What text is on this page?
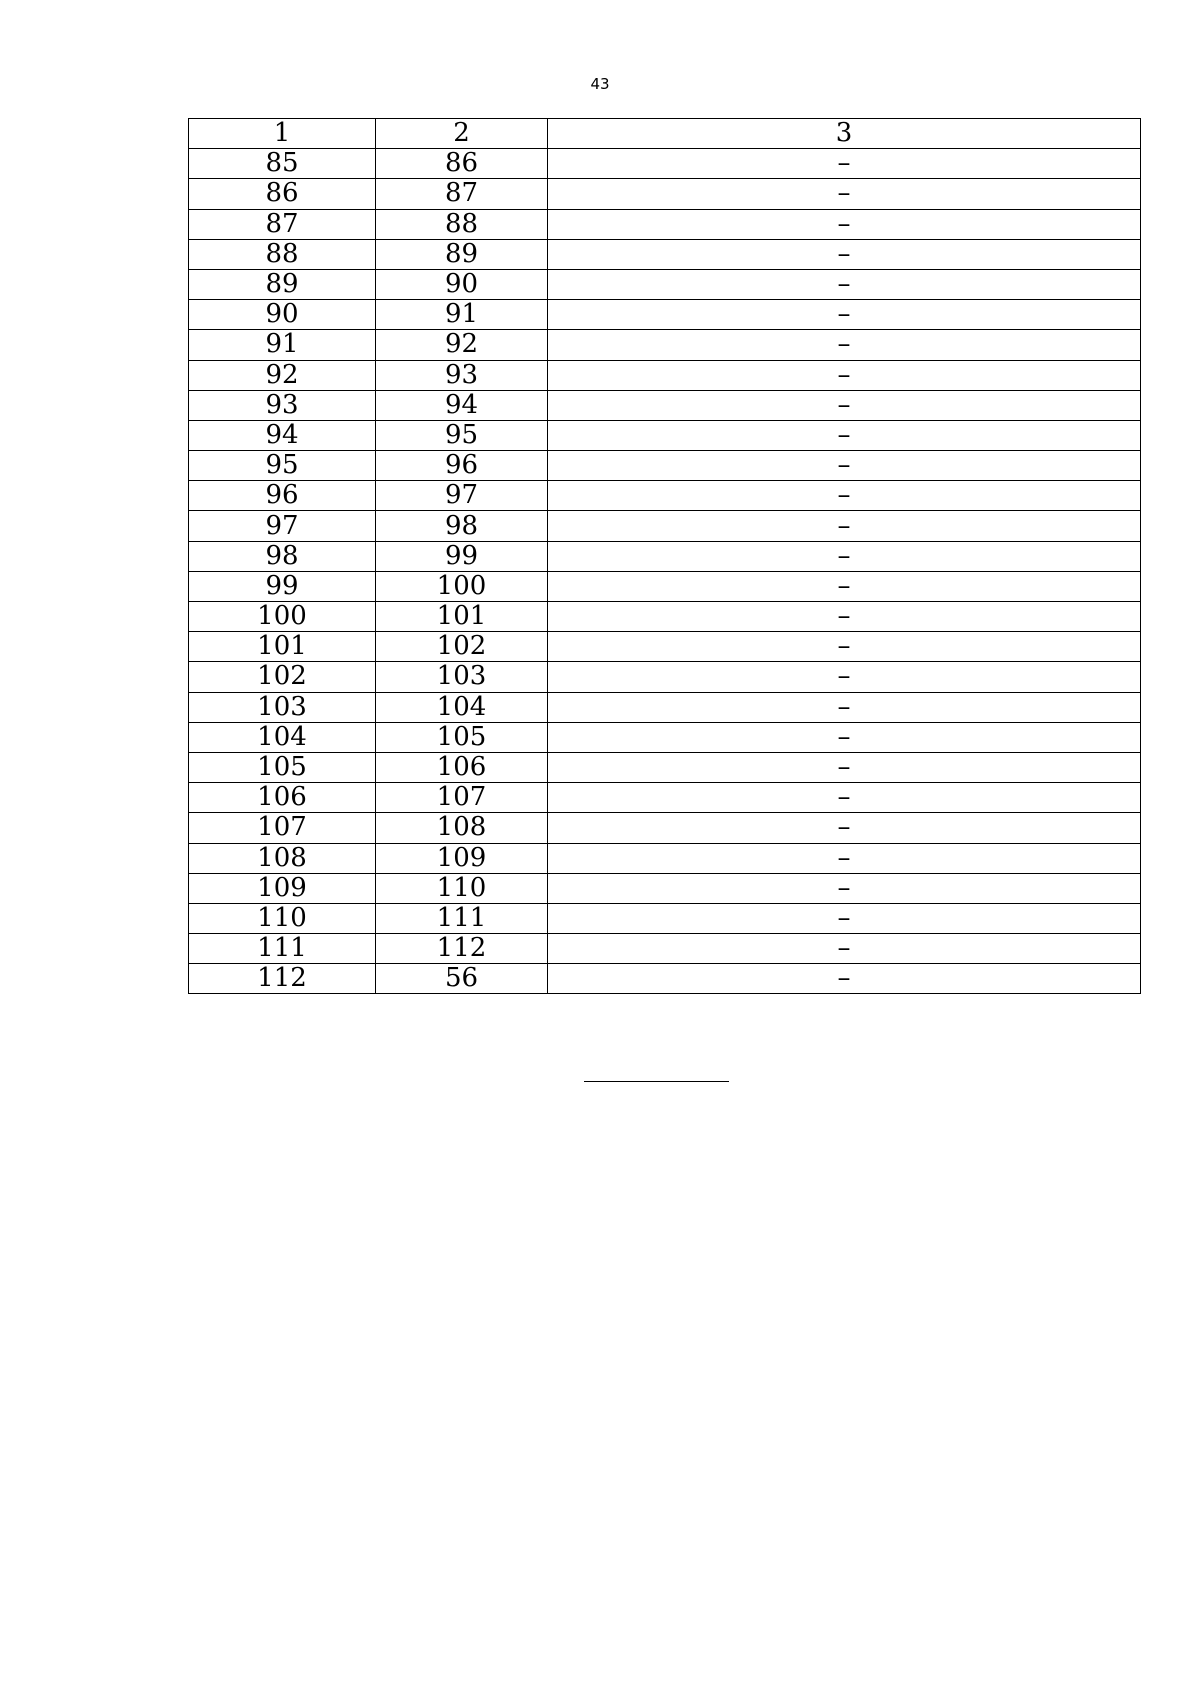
43
1	2	3
85	86	–
86	87	–
87	88	–
88	89	–
89	90	–
90	91	–
91	92	–
92	93	–
93	94	–
94	95	–
95	96	–
96	97	–
97	98	–
98	99	–
99	100	–
100	101	–
101	102	–
102	103	–
103	104	–
104	105	–
105	106	–
106	107	–
107	108	–
108	109	–
109	110	–
110	111	–
111	112	–
112	56	–
